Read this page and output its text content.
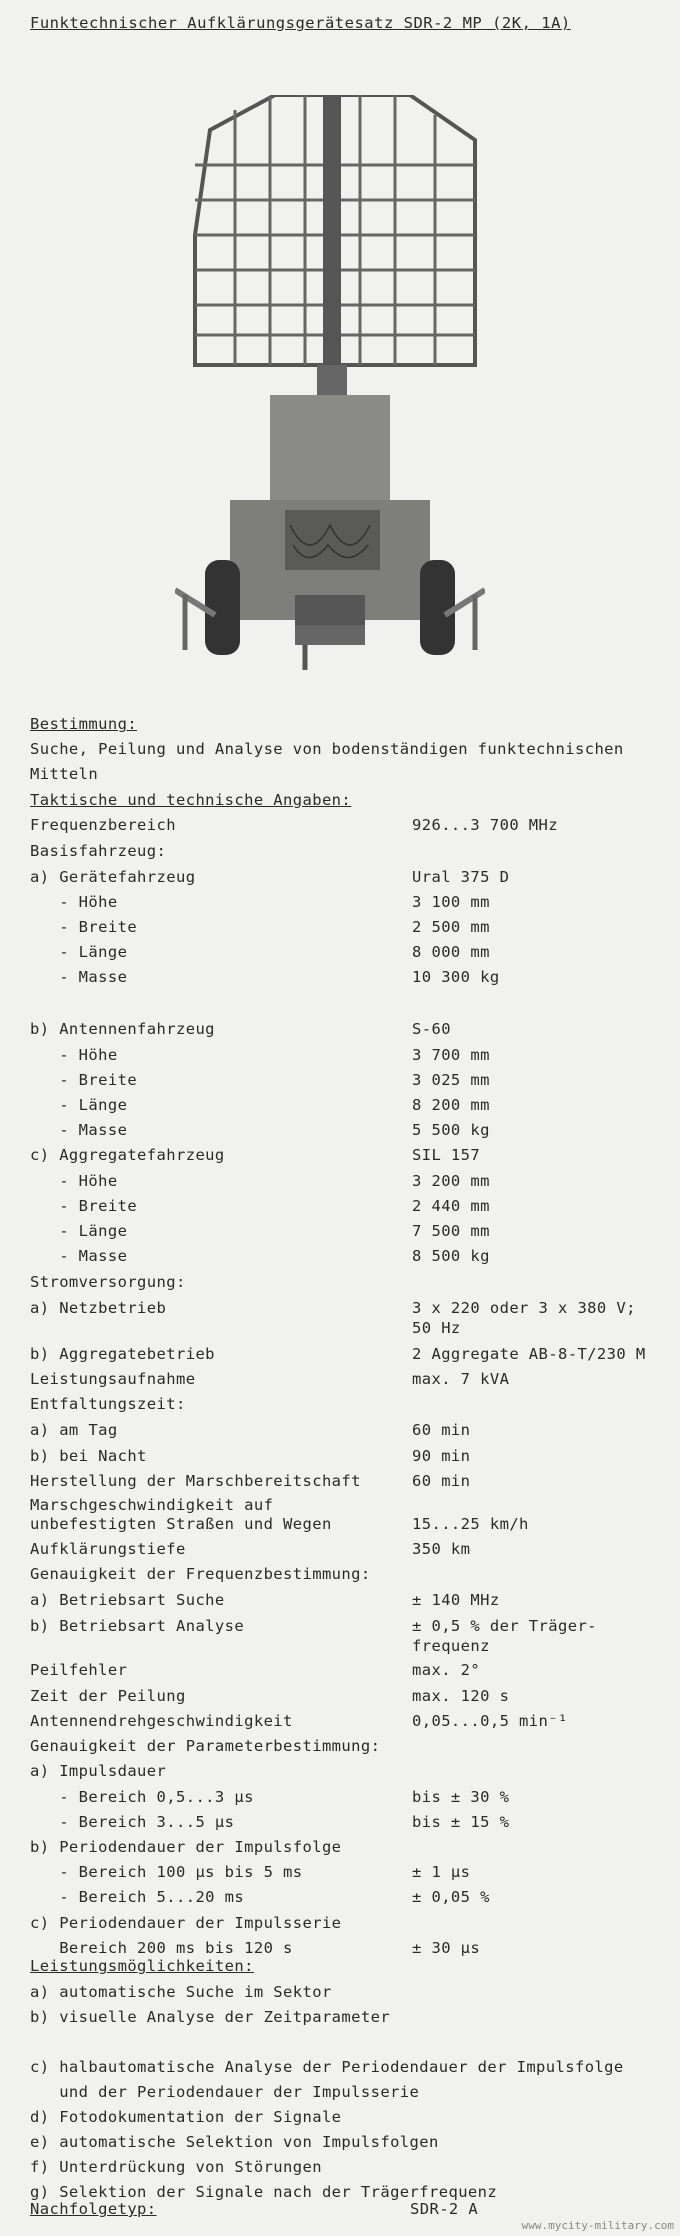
Funktechnischer Aufklärungsgerätesatz SDR-2 MP (2K, 1A)
Bestimmung:
Suche, Peilung und Analyse von bodenständigen funktechnischen
Mitteln
Taktische und technische Angaben:
Frequenzbereich	926...3 700 MHz
Basisfahrzeug:
a) Gerätefahrzeug	Ural 375 D
- Höhe	3 100 mm
- Breite	2 500 mm
- Länge	8 000 mm
- Masse	10 300 kg
b) Antennenfahrzeug	S-60
- Höhe	3 700 mm
- Breite	3 025 mm
- Länge	8 200 mm
- Masse	5 500 kg
c) Aggregatefahrzeug	SIL 157
- Höhe	3 200 mm
- Breite	2 440 mm
- Länge	7 500 mm
- Masse	8 500 kg
Stromversorgung:
a) Netzbetrieb	3 x 220 oder 3 x 380 V;
50 Hz
b) Aggregatebetrieb	2 Aggregate AB-8-T/230 M
Leistungsaufnahme	max. 7 kVA
Entfaltungszeit:
a) am Tag	60 min
b) bei Nacht	90 min
Herstellung der Marschbereitschaft	60 min
Marschgeschwindigkeit auf
unbefestigten Straßen und Wegen	15...25 km/h
Aufklärungstiefe	350 km
Genauigkeit der Frequenzbestimmung:
a) Betriebsart Suche	± 140 MHz
b) Betriebsart Analyse	± 0,5 % der Träger-
frequenz
Peilfehler	max. 2°
Zeit der Peilung	max. 120 s
Antennendrehgeschwindigkeit	0,05...0,5 min⁻¹
Genauigkeit der Parameterbestimmung:
a) Impulsdauer
- Bereich 0,5...3 µs	bis ± 30 %
- Bereich 3...5 µs	bis ± 15 %
b) Periodendauer der Impulsfolge
- Bereich 100 µs bis 5 ms	± 1 µs
- Bereich 5...20 ms	± 0,05 %
c) Periodendauer der Impulsserie
Bereich 200 ms bis 120 s	± 30 µs
Leistungsmöglichkeiten:
a) automatische Suche im Sektor
b) visuelle Analyse der Zeitparameter
c) halbautomatische Analyse der Periodendauer der Impulsfolge
und der Periodendauer der Impulsserie
d) Fotodokumentation der Signale
e) automatische Selektion von Impulsfolgen
f) Unterdrückung von Störungen
g) Selektion der Signale nach der Trägerfrequenz
Nachfolgetyp:	SDR-2 A
www.mycity-military.com
